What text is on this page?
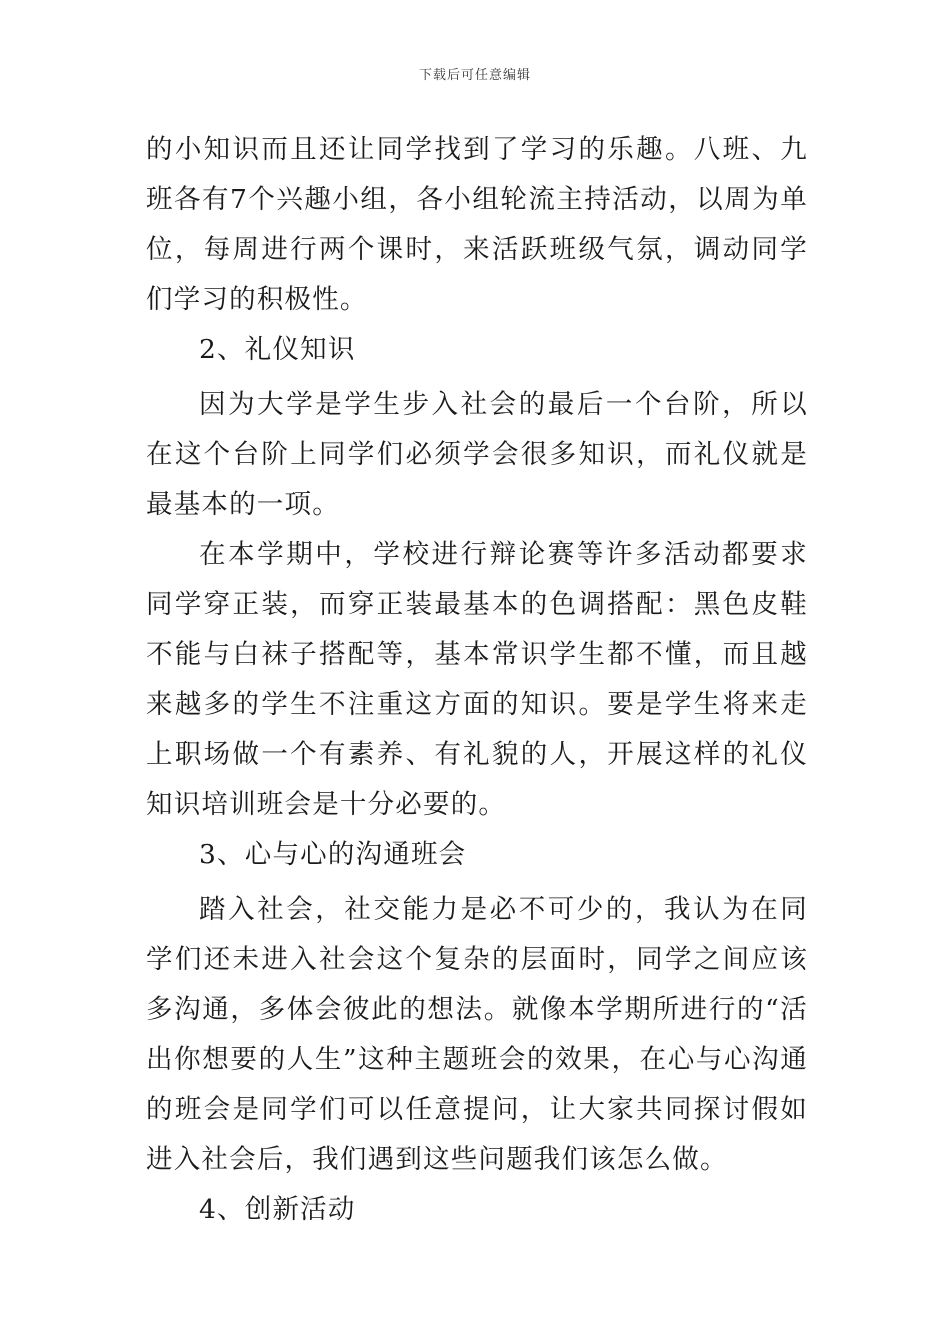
下载后可任意编辑

的小知识而且还让同学找到了学习的乐趣。八班、九班各有7个兴趣小组，各小组轮流主持活动，以周为单位，每周进行两个课时，来活跃班级气氛，调动同学们学习的积极性。

2、礼仪知识

因为大学是学生步入社会的最后一个台阶，所以在这个台阶上同学们必须学会很多知识，而礼仪就是最基本的一项。

在本学期中，学校进行辩论赛等许多活动都要求同学穿正装，而穿正装最基本的色调搭配：黑色皮鞋不能与白袜子搭配等，基本常识学生都不懂，而且越来越多的学生不注重这方面的知识。要是学生将来走上职场做一个有素养、有礼貌的人，开展这样的礼仪知识培训班会是十分必要的。

3、心与心的沟通班会

踏入社会，社交能力是必不可少的，我认为在同学们还未进入社会这个复杂的层面时，同学之间应该多沟通，多体会彼此的想法。就像本学期所进行的“活出你想要的人生”这种主题班会的效果，在心与心沟通的班会是同学们可以任意提问，让大家共同探讨假如进入社会后，我们遇到这些问题我们该怎么做。

4、创新活动
